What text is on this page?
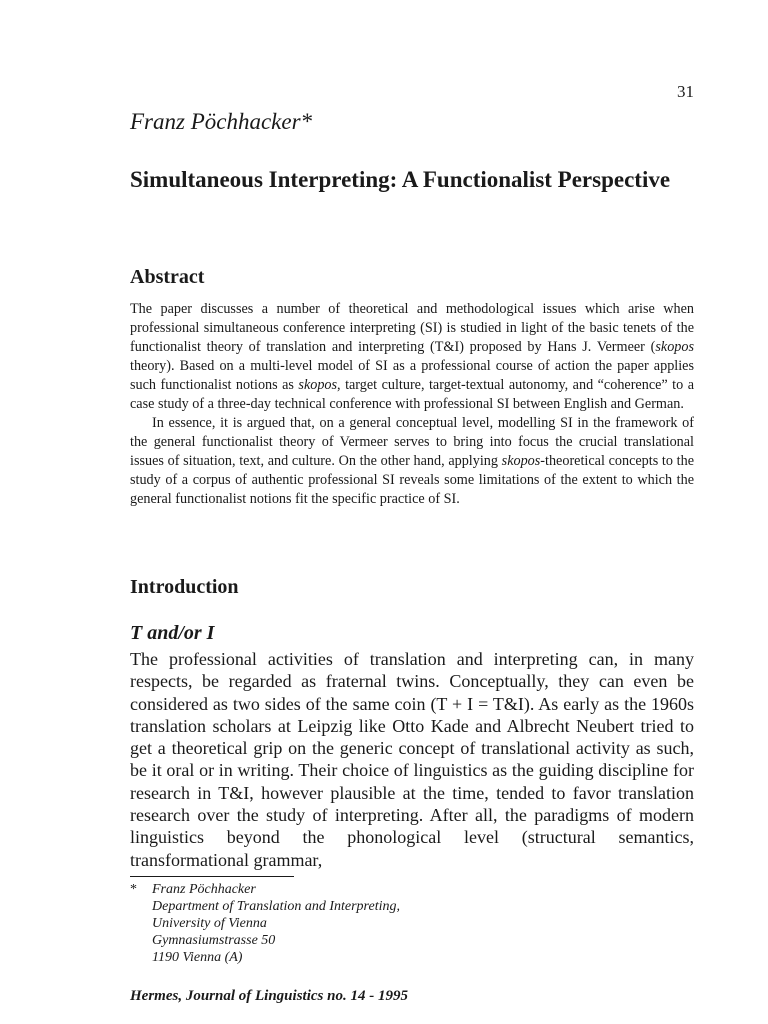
31
Franz Pöchhacker*
Simultaneous Interpreting: A Functionalist Perspective
Abstract

The paper discusses a number of theoretical and methodological issues which arise when professional simultaneous conference interpreting (SI) is studied in light of the basic tenets of the functionalist theory of translation and interpreting (T&I) proposed by Hans J. Vermeer (skopos theory). Based on a multi-level model of SI as a professional course of action the paper applies such functionalist notions as skopos, target culture, target-textual autonomy, and “coherence” to a case study of a three-day technical conference with professional SI between English and German.

In essence, it is argued that, on a general conceptual level, modelling SI in the framework of the general functionalist theory of Vermeer serves to bring into focus the crucial translational issues of situation, text, and culture. On the other hand, applying skopos-theoretical concepts to the study of a corpus of authentic professional SI reveals some limitations of the extent to which the general functionalist notions fit the specific practice of SI.

Introduction
T and/or I

The professional activities of translation and interpreting can, in many respects, be regarded as fraternal twins. Conceptually, they can even be considered as two sides of the same coin (T + I = T&I). As early as the 1960s translation scholars at Leipzig like Otto Kade and Albrecht Neubert tried to get a theoretical grip on the generic concept of translational activity as such, be it oral or in writing. Their choice of linguistics as the guiding discipline for research in T&I, however plausible at the time, tended to favor translation research over the study of interpreting. After all, the paradigms of modern linguistics beyond the phonological level (structural semantics, transformational grammar,

* Franz Pöchhacker
Department of Translation and Interpreting,
University of Vienna
Gymnasiumstrasse 50
1190 Vienna (A)
Hermes, Journal of Linguistics no. 14 - 1995
